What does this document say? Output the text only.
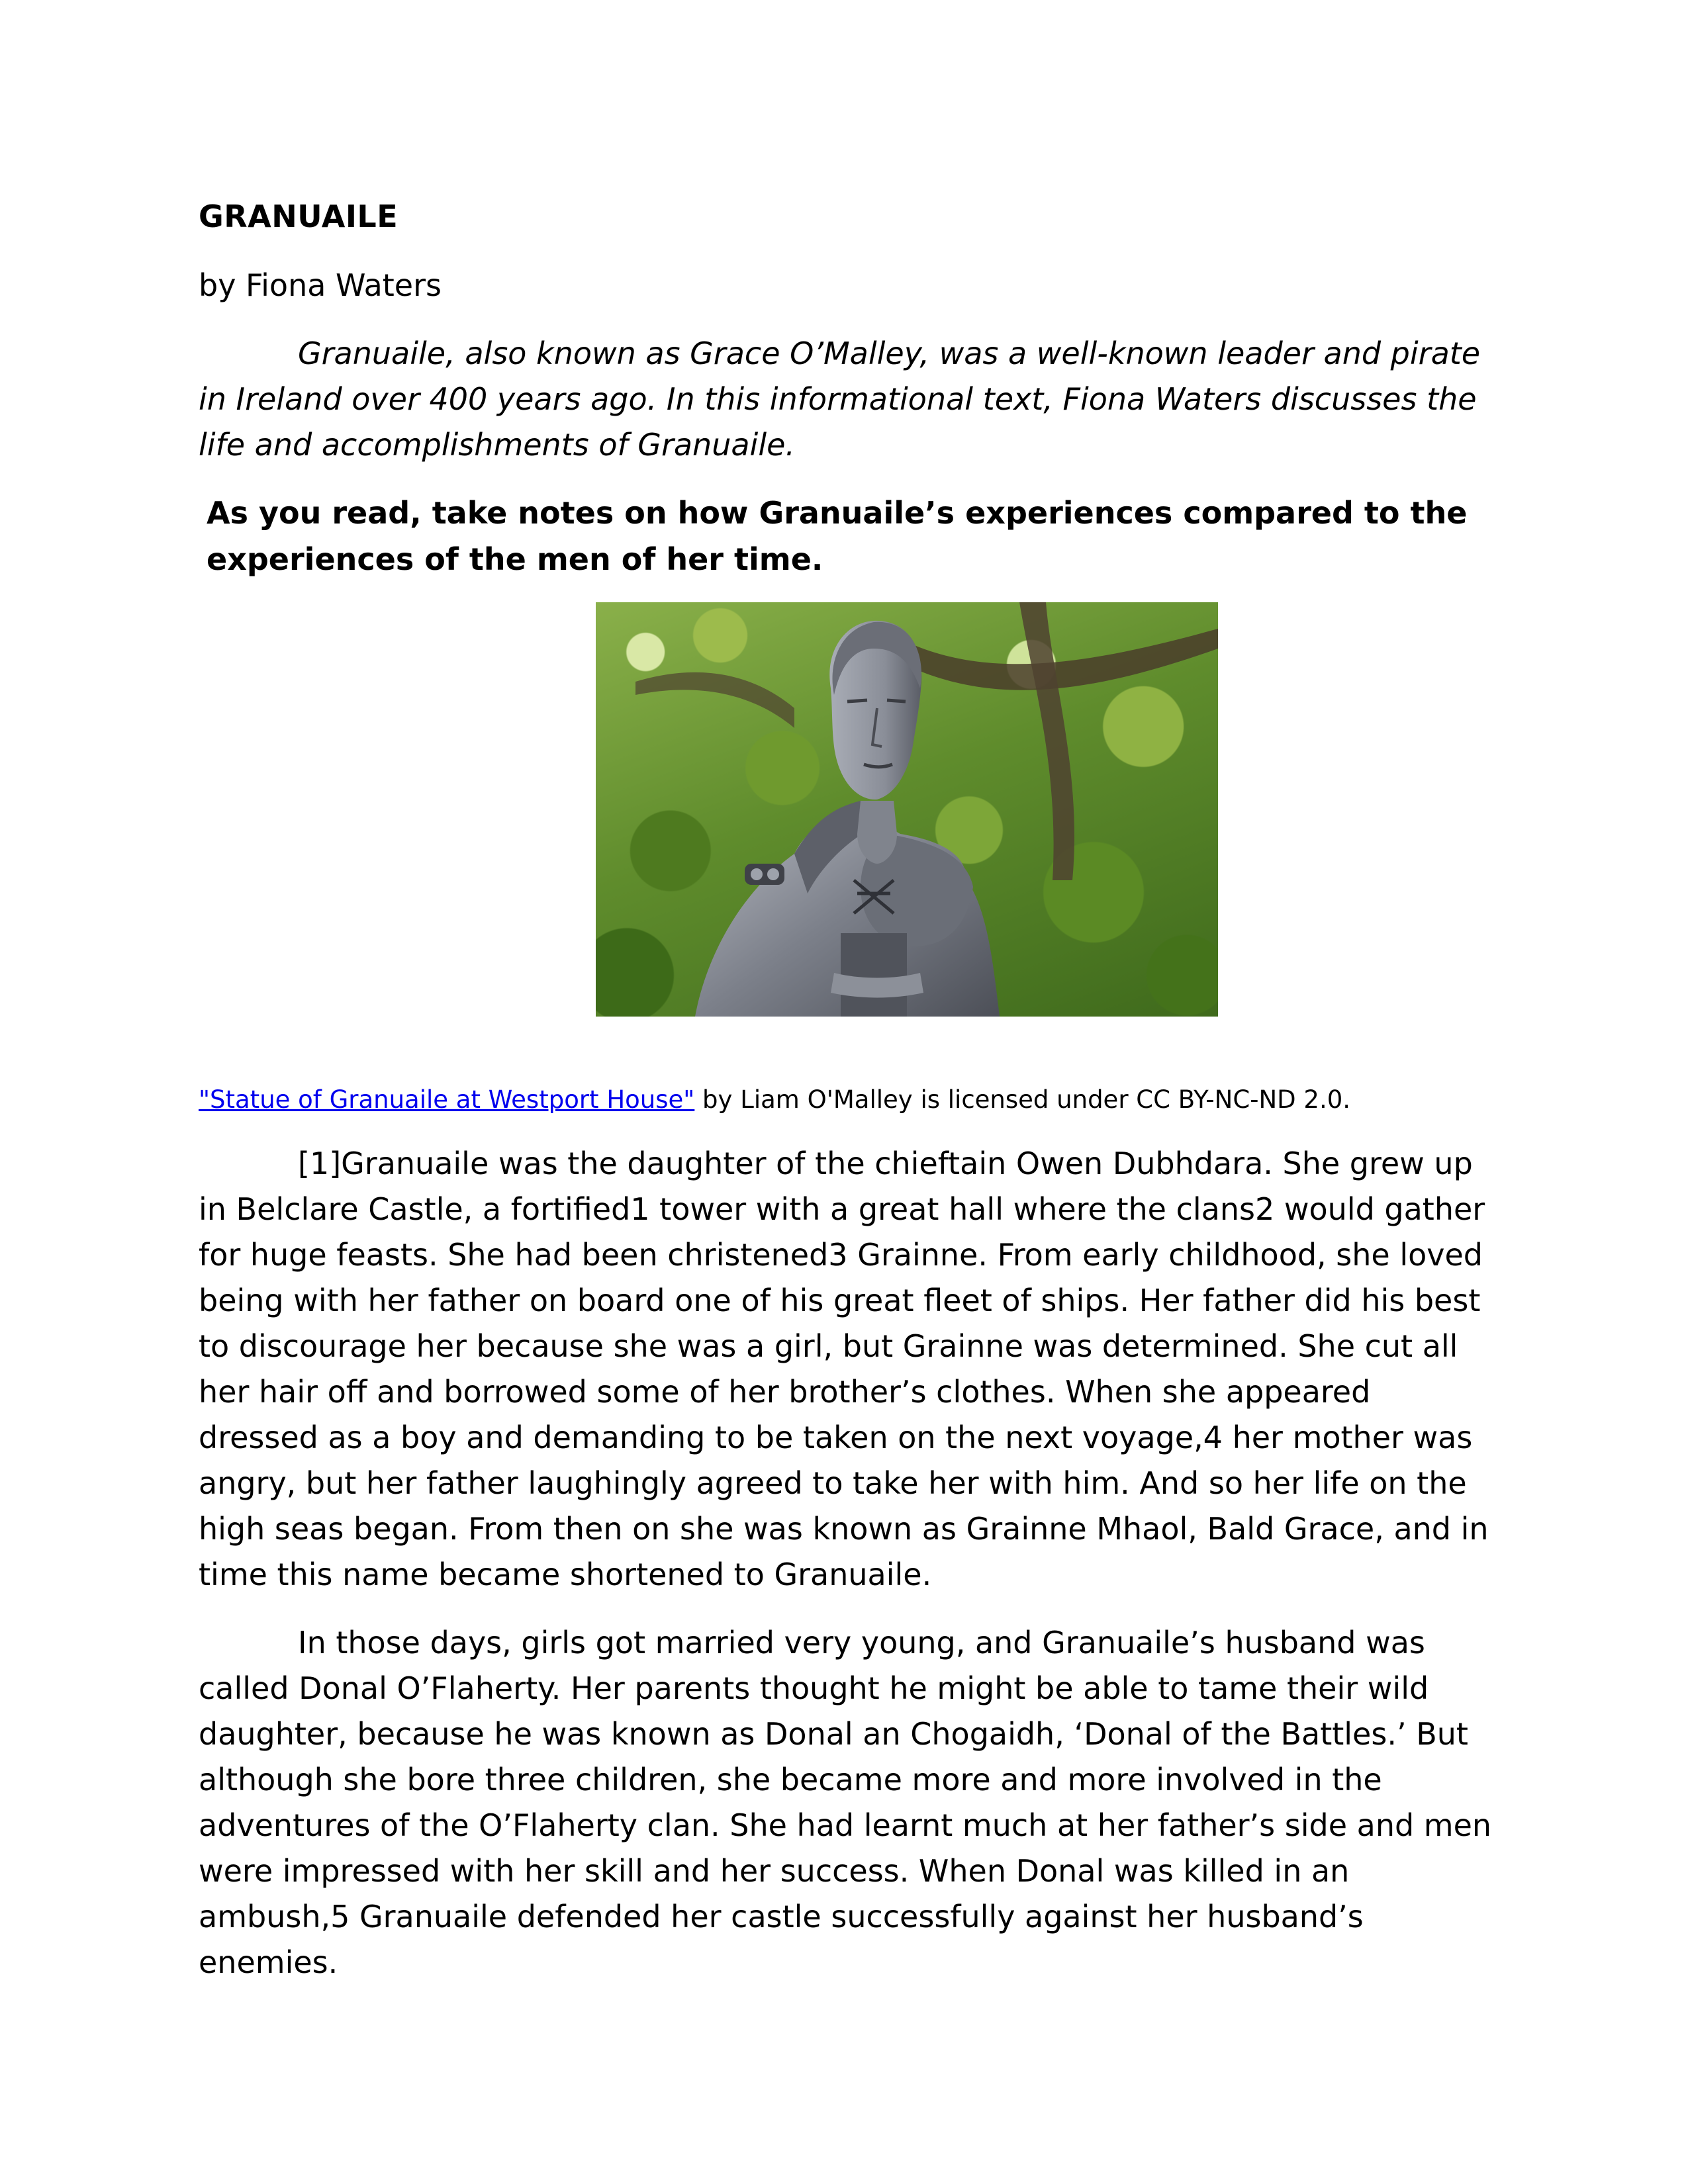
GRANUAILE

by Fiona Waters

Granuaile, also known as Grace O’Malley, was a well-known leader and pirate in Ireland over 400 years ago. In this informational text, Fiona Waters discusses the life and accomplishments of Granuaile.

As you read, take notes on how Granuaile’s experiences compared to the experiences of the men of her time.

"Statue of Granuaile at Westport House" by Liam O'Malley is licensed under CC BY-NC-ND 2.0.

[1]Granuaile was the daughter of the chieftain Owen Dubhdara. She grew up in Belclare Castle, a fortified1 tower with a great hall where the clans2 would gather for huge feasts. She had been christened3 Grainne. From early childhood, she loved being with her father on board one of his great fleet of ships. Her father did his best to discourage her because she was a girl, but Grainne was determined. She cut all her hair off and borrowed some of her brother’s clothes. When she appeared dressed as a boy and demanding to be taken on the next voyage,4 her mother was angry, but her father laughingly agreed to take her with him. And so her life on the high seas began. From then on she was known as Grainne Mhaol, Bald Grace, and in time this name became shortened to Granuaile.

In those days, girls got married very young, and Granuaile’s husband was called Donal O’Flaherty. Her parents thought he might be able to tame their wild daughter, because he was known as Donal an Chogaidh, ‘Donal of the Battles.’ But although she bore three children, she became more and more involved in the adventures of the O’Flaherty clan. She had learnt much at her father’s side and men were impressed with her skill and her success. When Donal was killed in an ambush,5 Granuaile defended her castle successfully against her husband’s enemies.
